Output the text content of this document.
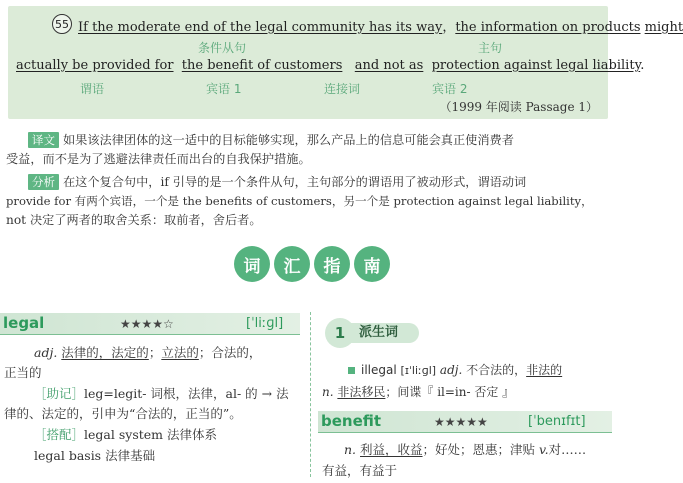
55 If the moderate end of the legal community has its way，the information on products might
条件从句	主句
actually be provided for the benefit of customers and not as protection against legal liability.
谓语	宾语 1	连接词	宾语 2
（1999 年阅读 Passage 1）
译文 如果该法律团体的这一适中的目标能够实现，那么产品上的信息可能会真正使消费者
受益，而不是为了逃避法律责任而出台的自我保护措施。
分析 在这个复合句中，if 引导的是一个条件从句，主句部分的谓语用了被动形式，谓语动词
provide for 有两个宾语，一个是 the benefits of customers，另一个是 protection against legal liability，
not 决定了两者的取舍关系：取前者，舍后者。
词	汇	指	南
legal	★★★★☆	[ˈliːɡl]
adj. 法律的，法定的；立法的；合法的，
正当的
［助记］leg=legit- 词根，法律，al- 的 → 法
律的、法定的，引申为“合法的，正当的”。
［搭配］legal system 法律体系
legal basis 法律基础
派生词
1
illegal [ɪˈliːɡl] adj. 不合法的，非法的
n. 非法移民；间谍『 il=in- 否定 』
benefit	★★★★★	[ˈbenɪfɪt]
n. 利益，收益；好处；恩惠；津贴 v.对……
有益，有益于
